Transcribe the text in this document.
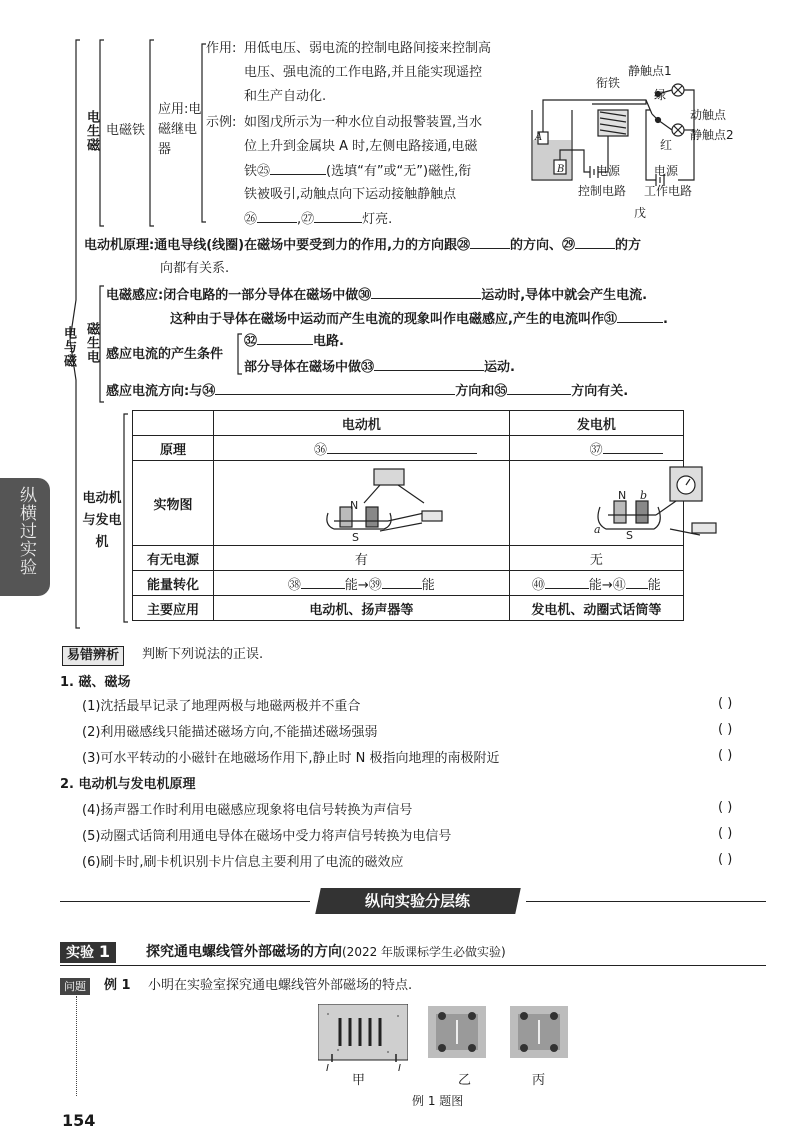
电与磁
电生磁 电磁铁
应用:电磁继电器
作用: 用低电压、弱电流的控制电路间接来控制高
电压、强电流的工作电路,并且能实现遥控
和生产自动化.
示例: 如图戊所示为一种水位自动报警装置,当水
位上升到金属块 A 时,左侧电路接通,电磁
铁㉕	(选填“有”或“无”)磁性,衔
铁被吸引,动触点向下运动接触静触点
㉖	,㉗	灯亮.
A
B
衔铁
静触点1
动触点
静触点2
绿
红
电源
控制电路
电源
工作电路
戊
电动机原理:通电导线(线圈)在磁场中要受到力的作用,力的方向跟㉘	的方向、㉙	的方
向都有关系.
磁生电
电磁感应:闭合电路的一部分导体在磁场中做㉚	运动时,导体中就会产生电流.
这种由于导体在磁场中运动而产生电流的现象叫作电磁感应,产生的电流叫作㉛	.
感应电流的产生条件
㉜	电路.
部分导体在磁场中做㉝	运动.
感应电流方向:与㉞	方向和㉟	方向有关.
电动机与发电机
	电动机	发电机
原理	㊱	㊲
实物图	N
S	N b
a S

有无电源	有	无
能量转化	㊳ 能→㊴ 能	㊵ 能→㊶ 能
主要应用	电动机、扬声器等	发电机、动圈式话筒等
纵横过实验
易错辨析	判断下列说法的正误.
1. 磁、磁场
(1)沈括最早记录了地理两极与地磁两极并不重合
(2)利用磁感线只能描述磁场方向,不能描述磁场强弱
(3)可水平转动的小磁针在地磁场作用下,静止时 N 极指向地理的南极附近
2. 电动机与发电机原理
(4)扬声器工作时利用电磁感应现象将电信号转换为声信号
(5)动圈式话筒利用通电导体在磁场中受力将声信号转换为电信号
(6)刷卡时,刷卡机识别卡片信息主要利用了电流的磁效应
( )
( )
( )
( )
( )
( )
纵向实验分层练
实验 1	探究通电螺线管外部磁场的方向(2022 年版课标学生必做实验)
问题	例 1 小明在实验室探究通电螺线管外部磁场的特点.
I	I
甲	乙	丙
例 1 题图
154
